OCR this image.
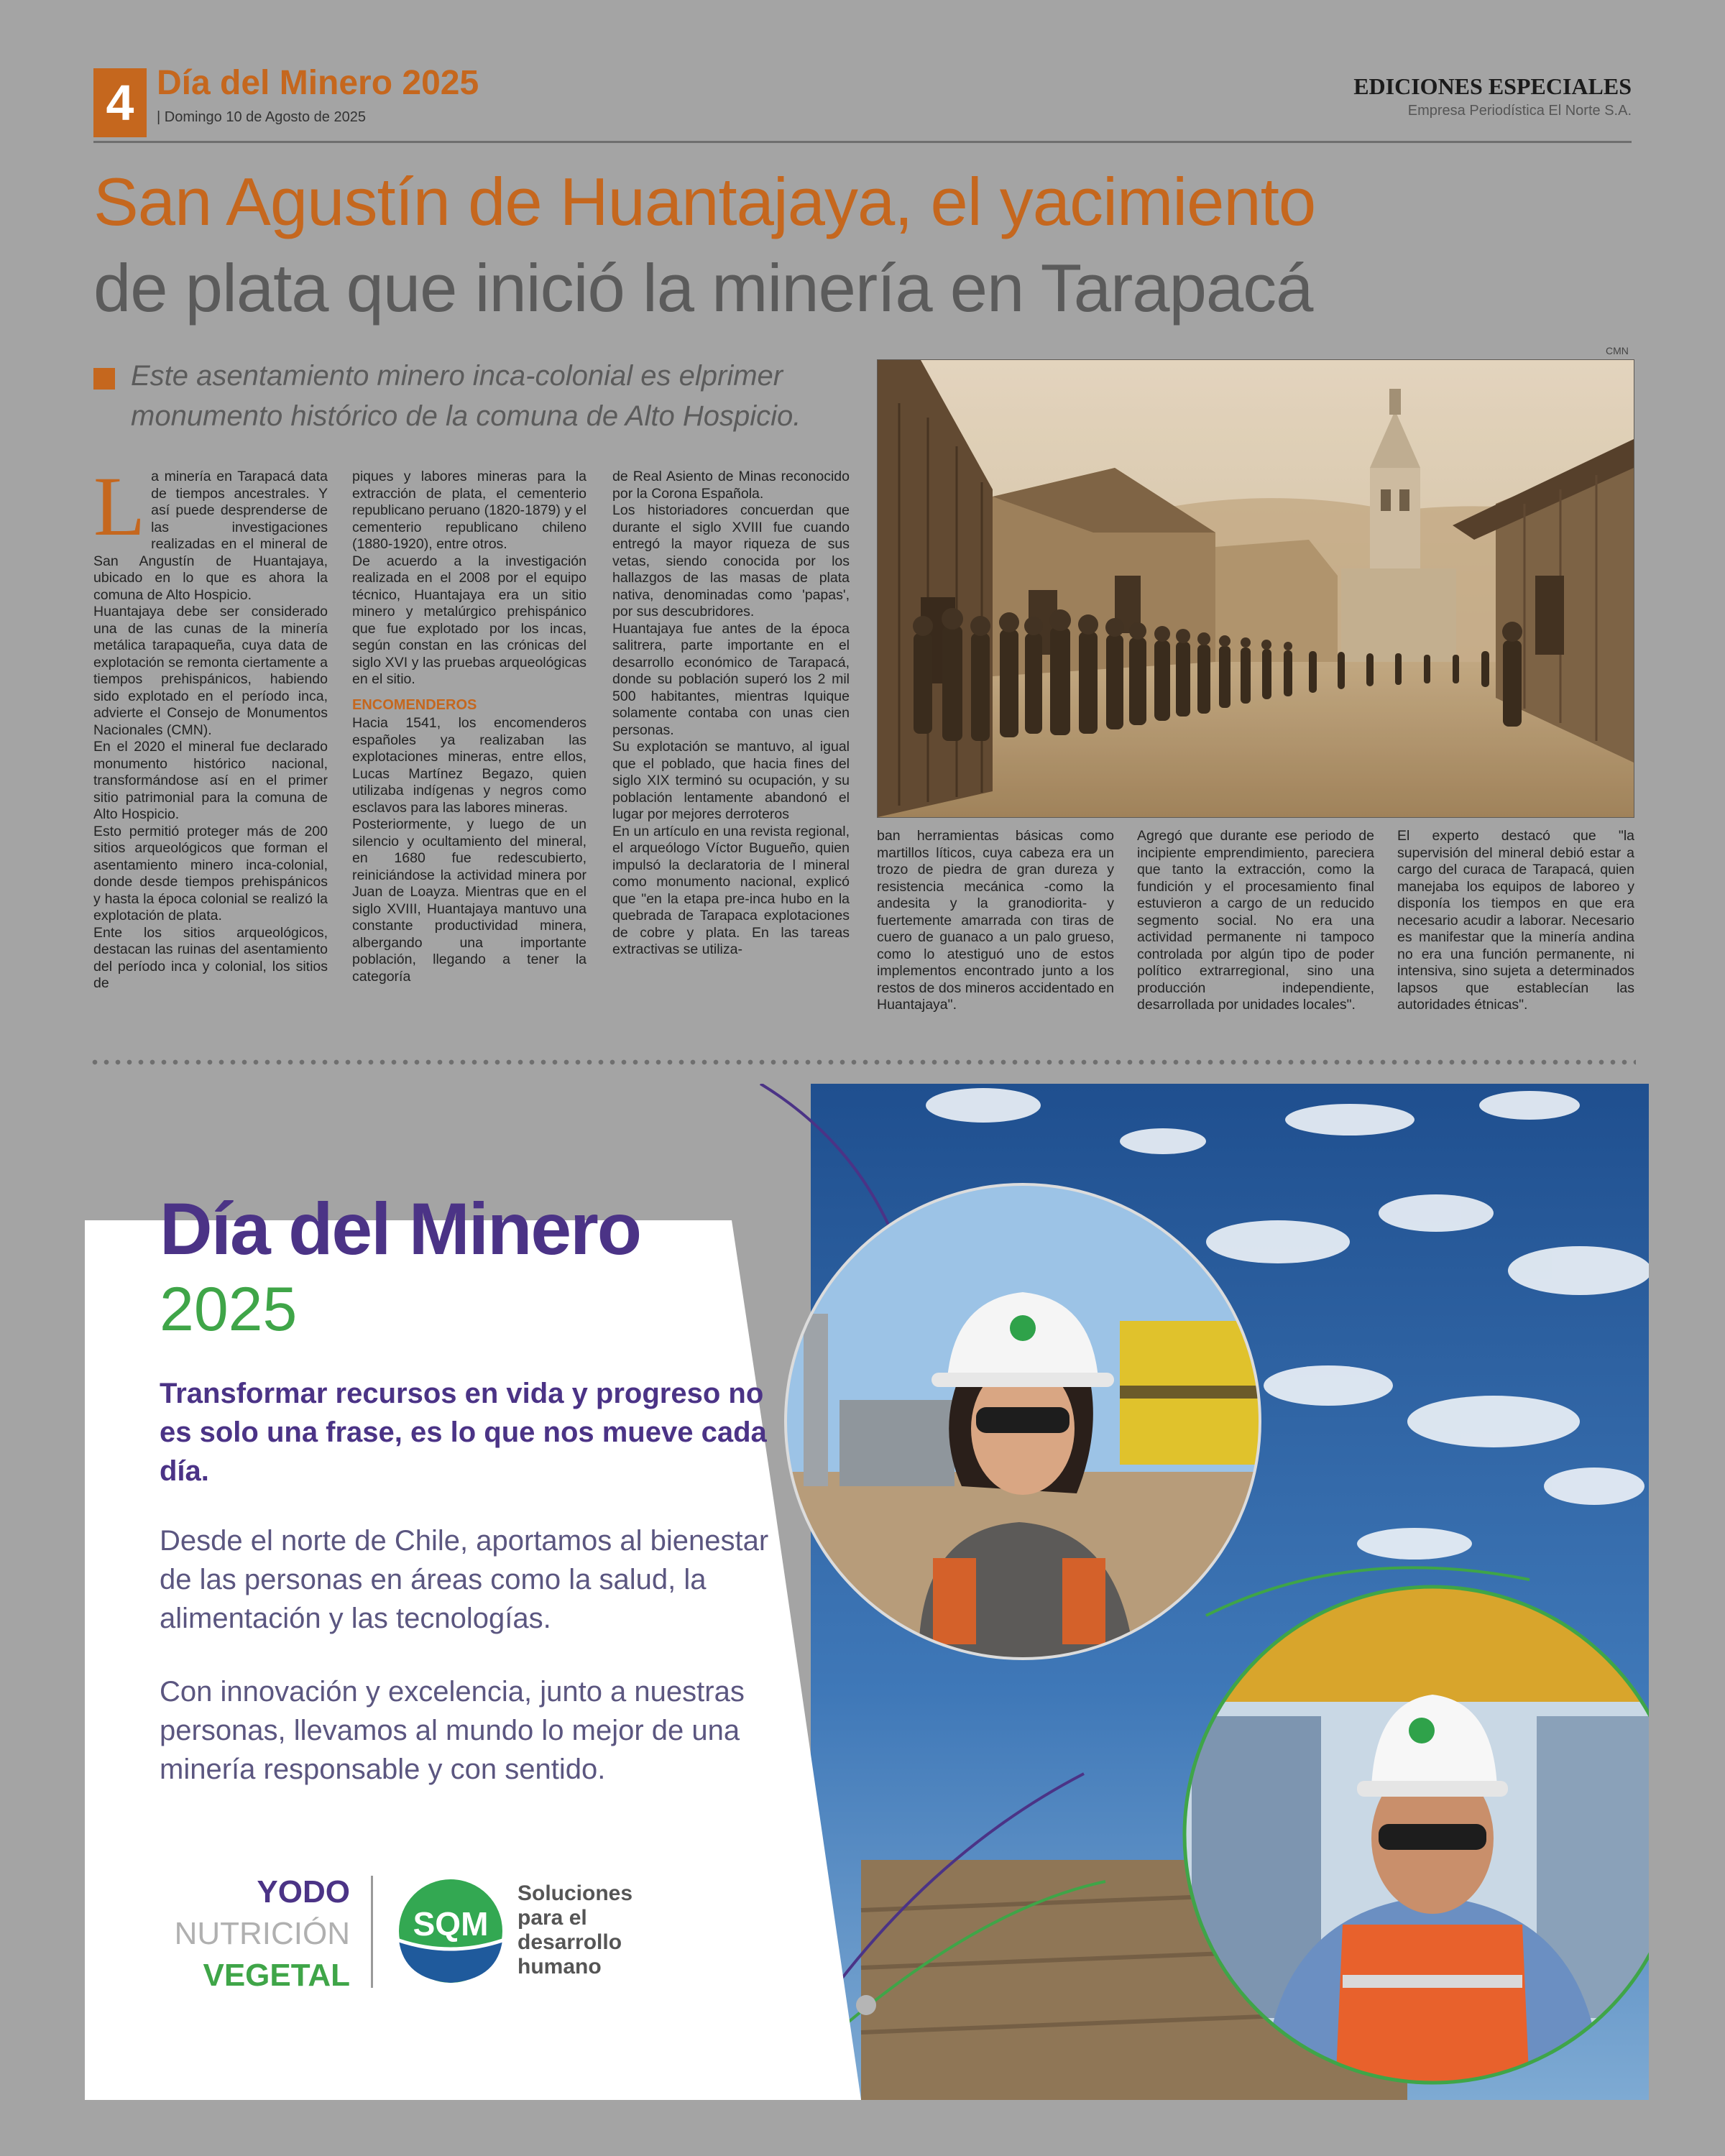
4 Día del Minero 2025
| Domingo 10 de Agosto de 2025
EDICIONES ESPECIALES
Empresa Periodística El Norte S.A.
San Agustín de Huantajaya, el yacimiento
de plata que inició la minería en Tarapacá
Este asentamiento minero inca-colonial es elprimer monumento histórico de la comuna de Alto Hospicio.
CMN
L a minería en Tarapacá data de tiempos ancestrales. Y así puede desprenderse de las investigaciones realizadas en el mineral de San Angustín de Huantajaya, ubicado en lo que es ahora la comuna de Alto Hospicio.

Huantajaya debe ser considerado una de las cunas de la minería metálica tarapaqueña, cuya data de explotación se remonta ciertamente a tiempos prehispánicos, habiendo sido explotado en el período inca, advierte el Consejo de Monumentos Nacionales (CMN).

En el 2020 el mineral fue declarado monumento histórico nacional, transformándose así en el primer sitio patrimonial para la comuna de Alto Hospicio.

Esto permitió proteger más de 200 sitios arqueológicos que forman el asentamiento minero inca-colonial, donde desde tiempos prehispánicos y hasta la época colonial se realizó la explotación de plata.

Ente los sitios arqueológicos, destacan las ruinas del asentamiento del período inca y colonial, los sitios de

piques y labores mineras para la extracción de plata, el cementerio republicano peruano (1820-1879) y el cementerio republicano chileno (1880-1920), entre otros.

De acuerdo a la investigación realizada en el 2008 por el equipo técnico, Huantajaya era un sitio minero y metalúrgico prehispánico que fue explotado por los incas, según constan en las crónicas del siglo XVI y las pruebas arqueológicas en el sitio.

ENCOMENDEROS

Hacia 1541, los encomenderos españoles ya realizaban las explotaciones mineras, entre ellos, Lucas Martínez Begazo, quien utilizaba indígenas y negros como esclavos para las labores mineras.

Posteriormente, y luego de un silencio y ocultamiento del mineral, en 1680 fue redescubierto, reiniciándose la actividad minera por Juan de Loayza. Mientras que en el siglo XVIII, Huantajaya mantuvo una constante productividad minera, albergando una importante población, llegando a tener la categoría

de Real Asiento de Minas reconocido por la Corona Española.

Los historiadores concuerdan que durante el siglo XVIII fue cuando entregó la mayor riqueza de sus vetas, siendo conocida por los hallazgos de las masas de plata nativa, denominadas como 'papas', por sus descubridores.

Huantajaya fue antes de la época salitrera, parte importante en el desarrollo económico de Tarapacá, donde su población superó los 2 mil 500 habitantes, mientras Iquique solamente contaba con unas cien personas.

Su explotación se mantuvo, al igual que el poblado, que hacia fines del siglo XIX terminó su ocupación, y su población lentamente abandonó el lugar por mejores derroteros

En un artículo en una revista regional, el arqueólogo Víctor Bugueño, quien impulsó la declaratoria de l mineral como monumento nacional, explicó que "en la etapa pre-inca hubo en la quebrada de Tarapaca explotaciones de cobre y plata. En las tareas extractivas se utiliza-

ban herramientas básicas como martillos líticos, cuya cabeza era un trozo de piedra de gran dureza y resistencia mecánica -como la andesita y la granodiorita- y fuertemente amarrada con tiras de cuero de guanaco a un palo grueso, como lo atestiguó uno de estos implementos encontrado junto a los restos de dos mineros accidentado en Huantajaya".

Agregó que durante ese periodo de incipiente emprendimiento, pareciera que tanto la extracción, como la fundición y el procesamiento final estuvieron a cargo de un reducido segmento social. No era una actividad permanente ni tampoco controlada por algún tipo de poder político extrarregional, sino una producción independiente, desarrollada por unidades locales".

El experto destacó que "la supervisión del mineral debió estar a cargo del curaca de Tarapacá, quien manejaba los equipos de laboreo y disponía los tiempos en que era necesario acudir a laborar. Necesario es manifestar que la minería andina no era una función permanente, ni intensiva, sino sujeta a determinados lapsos que establecían las autoridades étnicas".

Día del Minero
2025
Transformar recursos en vida y progreso no es solo una frase, es lo que nos mueve cada día.
Desde el norte de Chile, aportamos al bienestar de las personas en áreas como la salud, la alimentación y las tecnologías.
Con innovación y excelencia, junto a nuestras personas, llevamos al mundo lo mejor de una minería responsable y con sentido.
YODO
NUTRICIÓN
VEGETAL
SQM
Soluciones para el desarrollo humano
